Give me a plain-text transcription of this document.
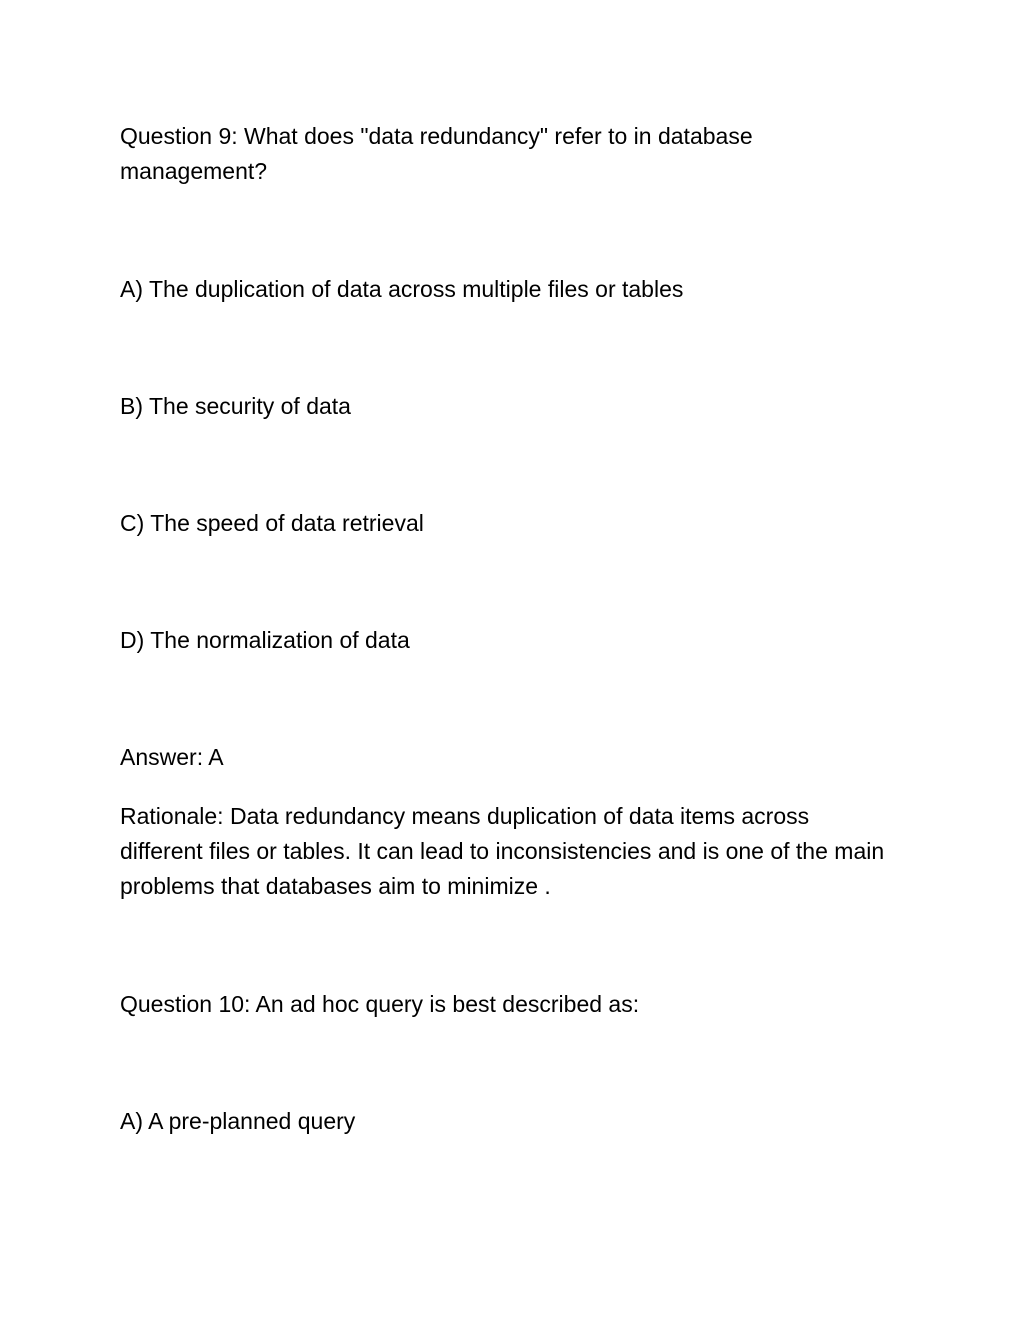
Question 9: What does "data redundancy" refer to in database management?

A) The duplication of data across multiple files or tables

B) The security of data

C) The speed of data retrieval

D) The normalization of data

Answer: A

Rationale: Data redundancy means duplication of data items across different files or tables. It can lead to inconsistencies and is one of the main problems that databases aim to minimize .

Question 10: An ad hoc query is best described as:

A) A pre-planned query
